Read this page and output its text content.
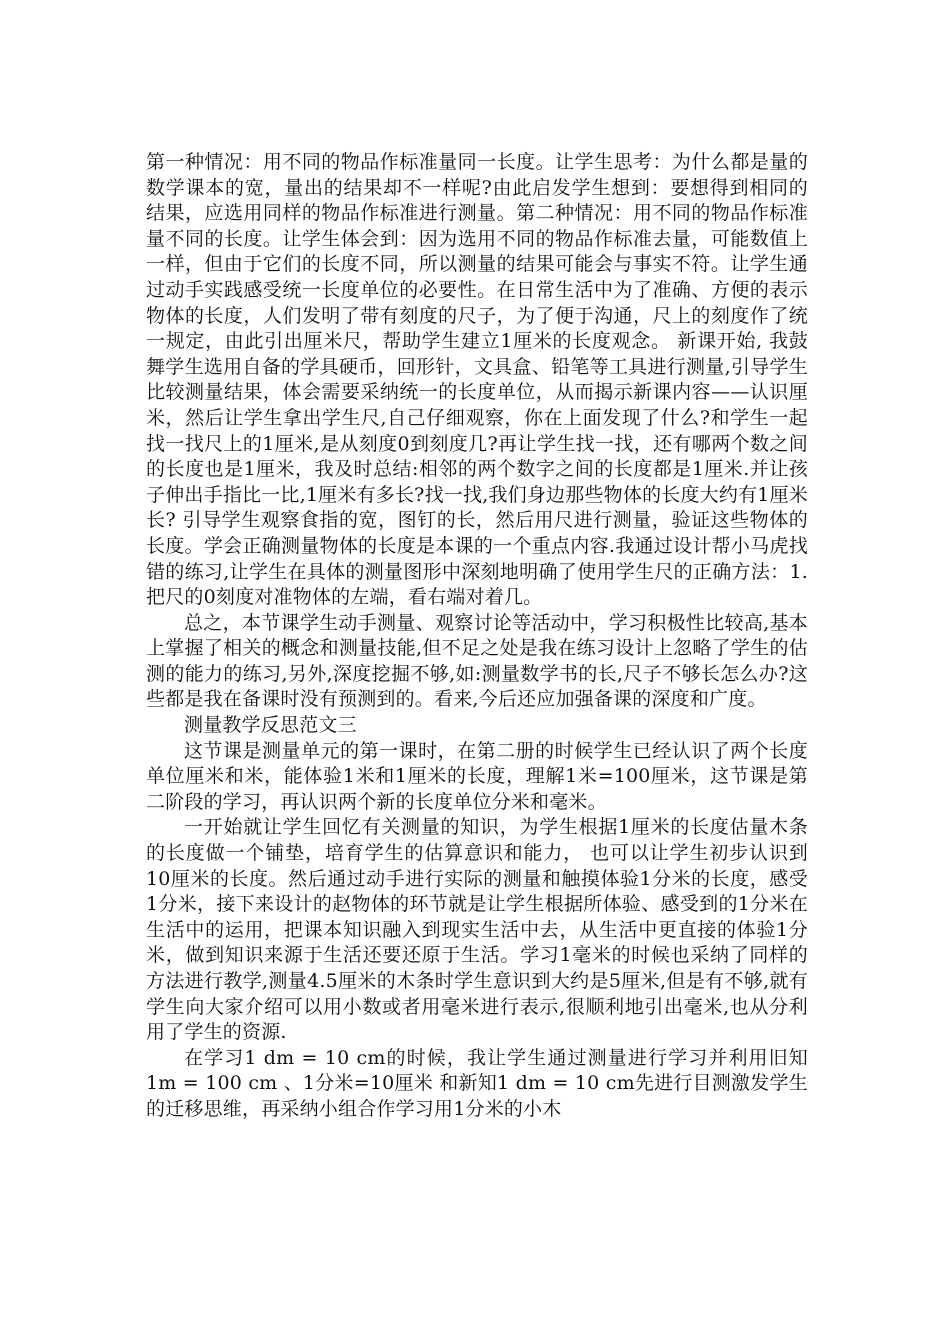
第一种情况：用不同的物品作标准量同一长度。让学生思考：为什么都是量的数学课本的宽，量出的结果却不一样呢?由此启发学生想到：要想得到相同的结果，应选用同样的物品作标准进行测量。第二种情况：用不同的物品作标准量不同的长度。让学生体会到：因为选用不同的物品作标准去量，可能数值上一样，但由于它们的长度不同，所以测量的结果可能会与事实不符。让学生通过动手实践感受统一长度单位的必要性。在日常生活中为了准确、方便的表示物体的长度，人们发明了带有刻度的尺子，为了便于沟通，尺上的刻度作了统一规定，由此引出厘米尺，帮助学生建立1厘米的长度观念。 新课开始, 我鼓舞学生选用自备的学具硬币，回形针，文具盒、铅笔等工具进行测量,引导学生比较测量结果，体会需要采纳统一的长度单位，从而揭示新课内容——认识厘米，然后让学生拿出学生尺,自己仔细观察，你在上面发现了什么?和学生一起找一找尺上的1厘米,是从刻度0到刻度几?再让学生找一找，还有哪两个数之间的长度也是1厘米，我及时总结:相邻的两个数字之间的长度都是1厘米.并让孩子伸出手指比一比,1厘米有多长?找一找,我们身边那些物体的长度大约有1厘米长? 引导学生观察食指的宽，图钉的长，然后用尺进行测量，验证这些物体的长度。学会正确测量物体的长度是本课的一个重点内容.我通过设计帮小马虎找错的练习,让学生在具体的测量图形中深刻地明确了使用学生尺的正确方法：1.把尺的0刻度对准物体的左端，看右端对着几。

总之，本节课学生动手测量、观察讨论等活动中，学习积极性比较高,基本上掌握了相关的概念和测量技能,但不足之处是我在练习设计上忽略了学生的估测的能力的练习,另外,深度挖掘不够,如:测量数学书的长,尺子不够长怎么办?这些都是我在备课时没有预测到的。看来,今后还应加强备课的深度和广度。

测量教学反思范文三

这节课是测量单元的第一课时，在第二册的时候学生已经认识了两个长度单位厘米和米，能体验1米和1厘米的长度，理解1米=100厘米，这节课是第二阶段的学习，再认识两个新的长度单位分米和毫米。

一开始就让学生回忆有关测量的知识，为学生根据1厘米的长度估量木条的长度做一个铺垫，培育学生的估算意识和能力， 也可以让学生初步认识到10厘米的长度。然后通过动手进行实际的测量和触摸体验1分米的长度，感受1分米，接下来设计的赵物体的环节就是让学生根据所体验、感受到的1分米在生活中的运用，把课本知识融入到现实生活中去，从生活中更直接的体验1分米，做到知识来源于生活还要还原于生活。学习1毫米的时候也采纳了同样的方法进行教学,测量4.5厘米的木条时学生意识到大约是5厘米,但是有不够,就有学生向大家介绍可以用小数或者用毫米进行表示,很顺利地引出毫米,也从分利用了学生的资源.

在学习1 dm = 10 cm的时候，我让学生通过测量进行学习并利用旧知1m = 100 cm 、1分米=10厘米 和新知1 dm = 10 cm先进行目测激发学生的迁移思维，再采纳小组合作学习用1分米的小木
